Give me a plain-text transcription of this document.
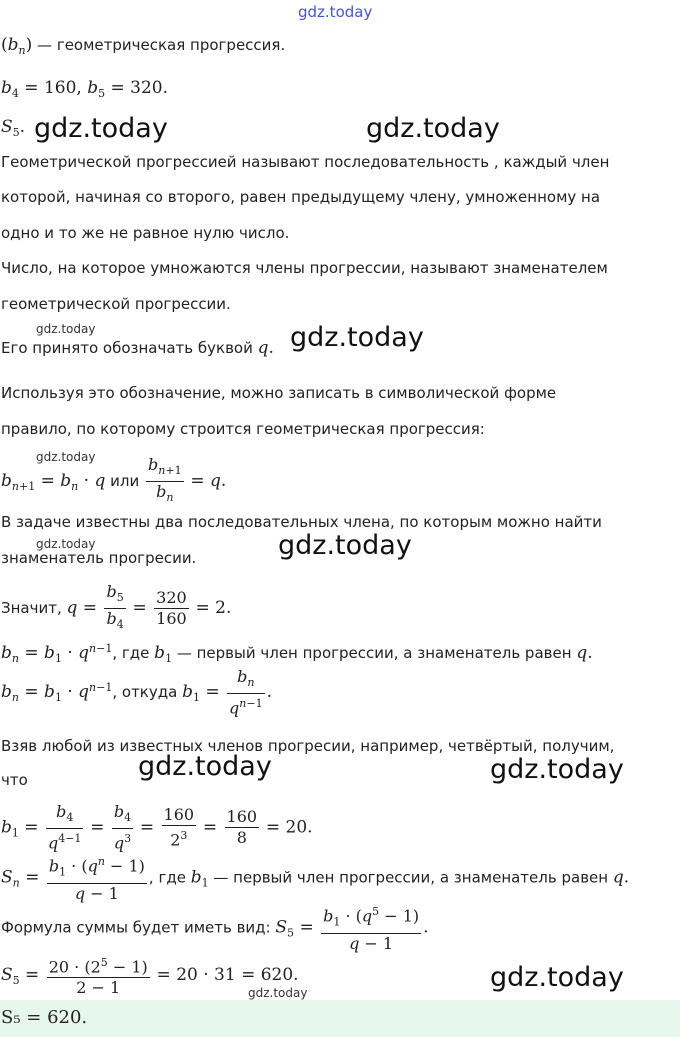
gdz.today
gdz.today	gdz.today
gdz.today	gdz.today
gdz.today
gdz.today	gdz.today
gdz.today	gdz.today
gdz.today
gdz.today
$(b_n)$ — геометрическая прогрессия.
$b_4 = 160$, $b_5 = 320$.
$S_5$.
Геометрической прогрессией называют последовательность , каждый член
которой, начиная со второго, равен предыдущему члену, умноженному на
одно и то же не равное нулю число.
Число, на которое умножаются члены прогрессии, называют знаменателем
геометрической прогрессии.
Его принято обозначать буквой q.
Используя это обозначение, можно записать в символической форме
правило, по которому строится геометрическая прогрессия:
$b_{n+1} = b_n \cdot q$ или $\frac{b_{n+1}}{b_n} = q$.
В задаче известны два последовательных члена, по которым можно найти
знаменатель прогреcии.
Значит, $q = \frac{b_5}{b_4} = \frac{320}{160} = 2$.
$b_n = b_1 \cdot q^{n-1}$, где $b_1$ — первый член прогрессии, а знаменатель равен q.
$b_n = b_1 \cdot q^{n-1}$, откуда $b_1 = \frac{b_n}{q^{n-1}}$ .
Взяв любой из известных членов прогреcии, например, четвёртый, получим,
что
$b_1 = \frac{b_4}{q^{4-1}} = \frac{b_4}{q^3} = \frac{160}{2^3} = \frac{160}{8} = 20$.
$S_n = \frac{b_1 \cdot (q^n - 1)}{q - 1}$ , где $b_1$ — первый член прогрессии, а знаменатель равен q.
Формула суммы будет иметь вид: $S_5 = \frac{b_1 \cdot (q^5 - 1)}{q - 1}$ .
$S_5 = \frac{20 \cdot (2^5 - 1)}{2 - 1} = 20 \cdot 31 = 620$.
S₅ = 620.
